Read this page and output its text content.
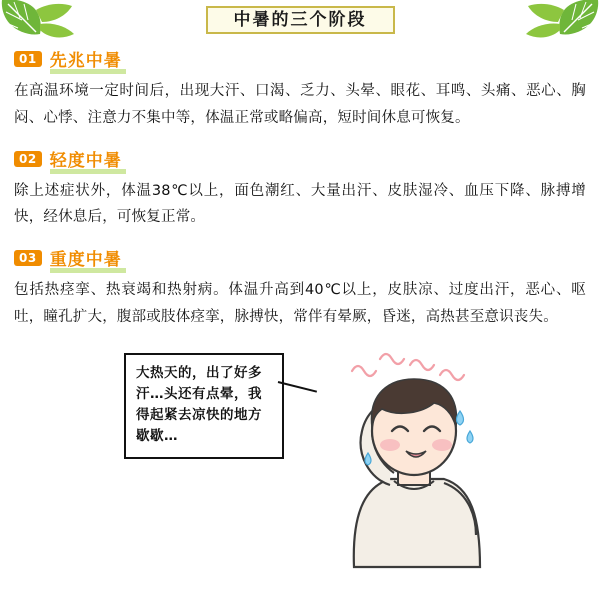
中暑的三个阶段
01 先兆中暑
在高温环境一定时间后，出现大汗、口渴、乏力、头晕、眼花、耳鸣、头痛、恶心、胸闷、心悸、注意力不集中等，体温正常或略偏高，短时间休息可恢复。
02 轻度中暑
除上述症状外，体温38℃以上，面色潮红、大量出汗、皮肤湿冷、血压下降、脉搏增快，经休息后，可恢复正常。
03 重度中暑
包括热痉挛、热衰竭和热射病。体温升高到40℃以上，皮肤凉、过度出汗，恶心、呕吐，瞳孔扩大，腹部或肢体痉挛，脉搏快，常伴有晕厥，昏迷，高热甚至意识丧失。
大热天的，出了好多汗…头还有点晕，我得起紧去凉快的地方歇歇…
